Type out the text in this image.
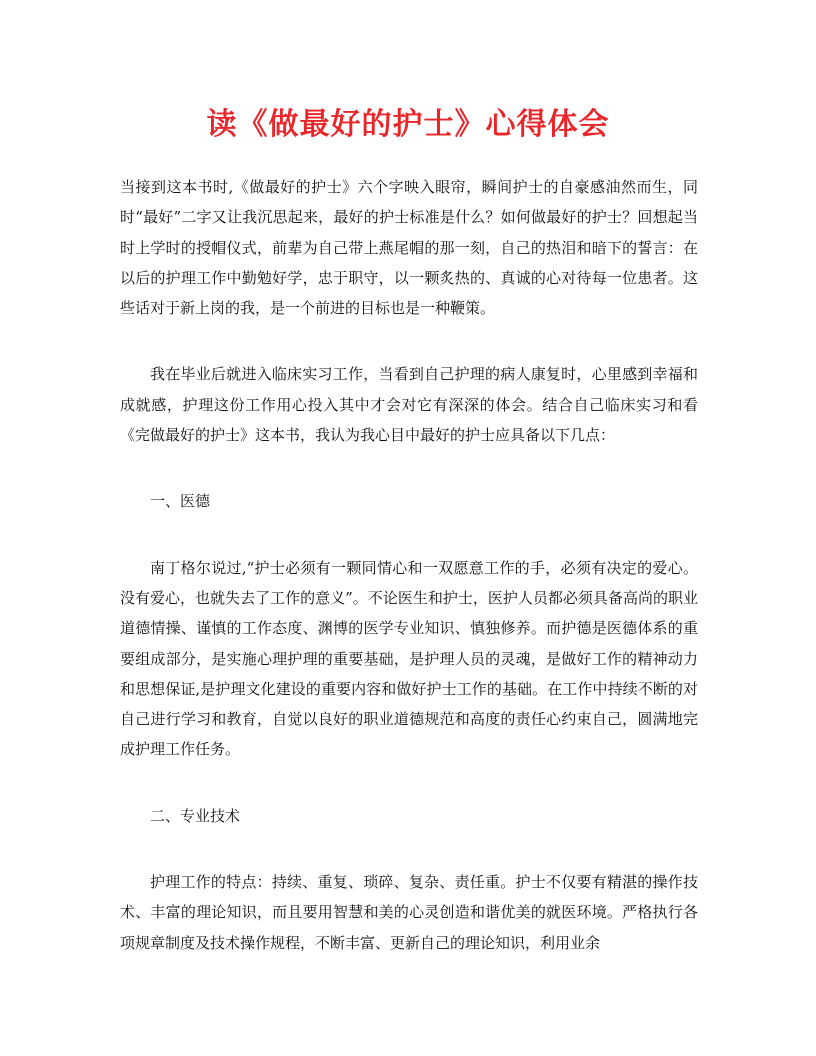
读《做最好的护士》心得体会

当接到这本书时,《做最好的护士》六个字映入眼帘，瞬间护士的自豪感油然而生，同时“最好”二字又让我沉思起来，最好的护士标准是什么？如何做最好的护士？回想起当时上学时的授帽仪式，前辈为自己带上燕尾帽的那一刻，自己的热泪和暗下的誓言：在以后的护理工作中勤勉好学，忠于职守，以一颗炙热的、真诚的心对待每一位患者。这些话对于新上岗的我，是一个前进的目标也是一种鞭策。

我在毕业后就进入临床实习工作，当看到自己护理的病人康复时，心里感到幸福和成就感，护理这份工作用心投入其中才会对它有深深的体会。结合自己临床实习和看《完做最好的护士》这本书，我认为我心目中最好的护士应具备以下几点：

一、医德

南丁格尔说过,“护士必须有一颗同情心和一双愿意工作的手，必须有决定的爱心。没有爱心，也就失去了工作的意义”。不论医生和护士，医护人员都必须具备高尚的职业道德情操、谨慎的工作态度、渊博的医学专业知识、慎独修养。而护德是医德体系的重要组成部分，是实施心理护理的重要基础，是护理人员的灵魂，是做好工作的精神动力和思想保证,是护理文化建设的重要内容和做好护士工作的基础。在工作中持续不断的对自己进行学习和教育，自觉以良好的职业道德规范和高度的责任心约束自己，圆满地完成护理工作任务。

二、专业技术

护理工作的特点：持续、重复、琐碎、复杂、责任重。护士不仅要有精湛的操作技术、丰富的理论知识，而且要用智慧和美的心灵创造和谐优美的就医环境。严格执行各项规章制度及技术操作规程，不断丰富、更新自己的理论知识，利用业余
